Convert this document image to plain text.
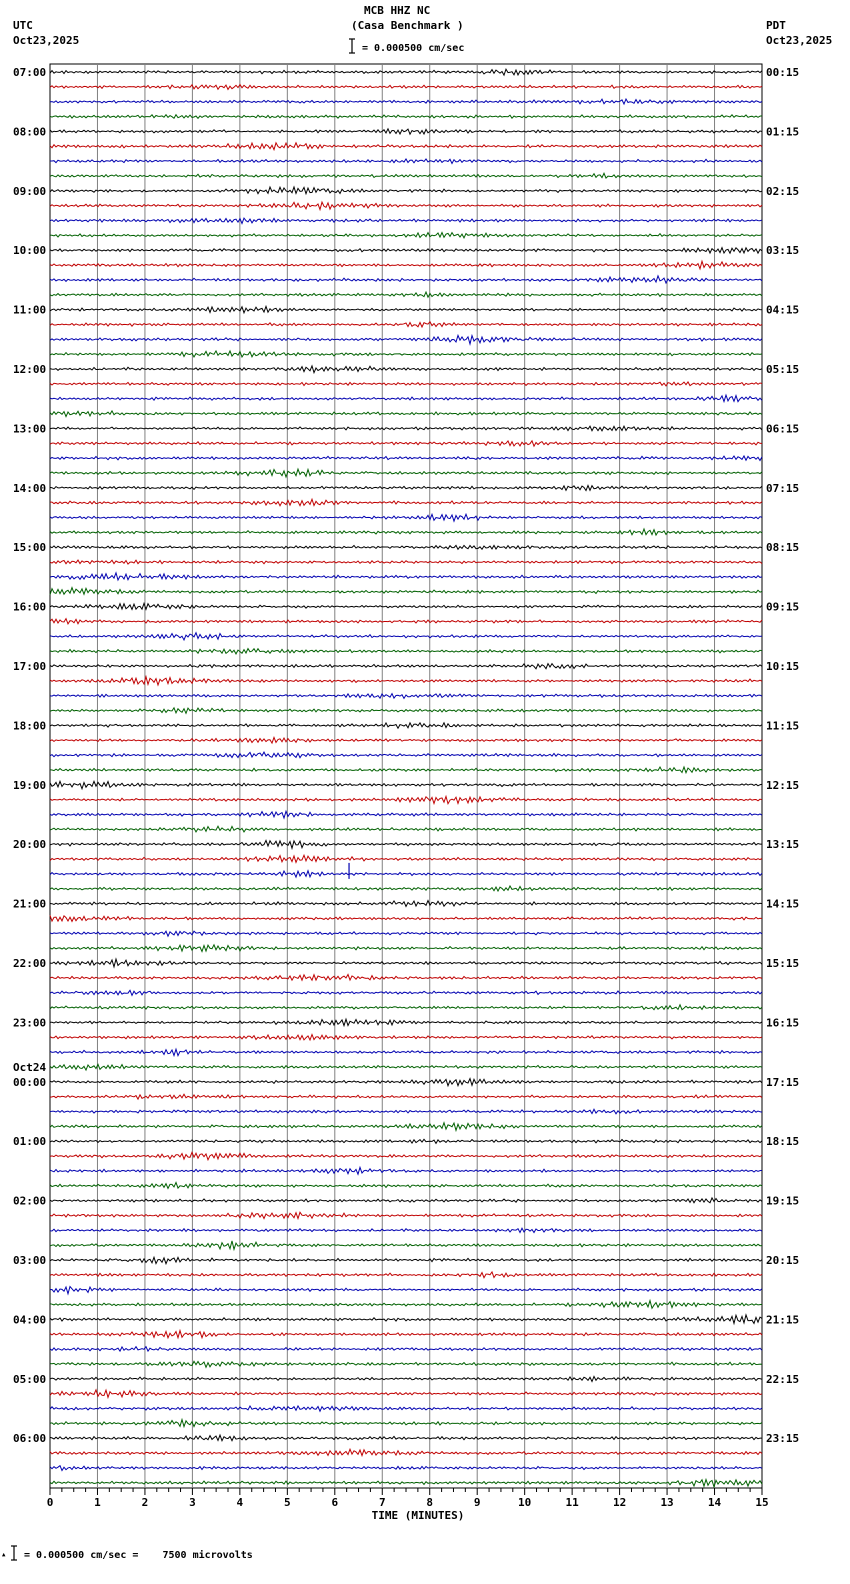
MCB HHZ NC
(Casa Benchmark )
UTC
Oct23,2025
PDT
Oct23,2025
= 0.000500 cm/sec
07:00
08:00
09:00
10:00
11:00
12:00
13:00
14:00
15:00
16:00
17:00
18:00
19:00
20:00
21:00
22:00
23:00
00:00
Oct24
01:00
02:00
03:00
04:00
05:00
06:00
00:15
01:15
02:15
03:15
04:15
05:15
06:15
07:15
08:15
09:15
10:15
11:15
12:15
13:15
14:15
15:15
16:15
17:15
18:15
19:15
20:15
21:15
22:15
23:15
0	1	2	3	4	5	6	7	8	9	10	11	12	13	14	15
TIME (MINUTES)
▴ = 0.000500 cm/sec =    7500 microvolts
